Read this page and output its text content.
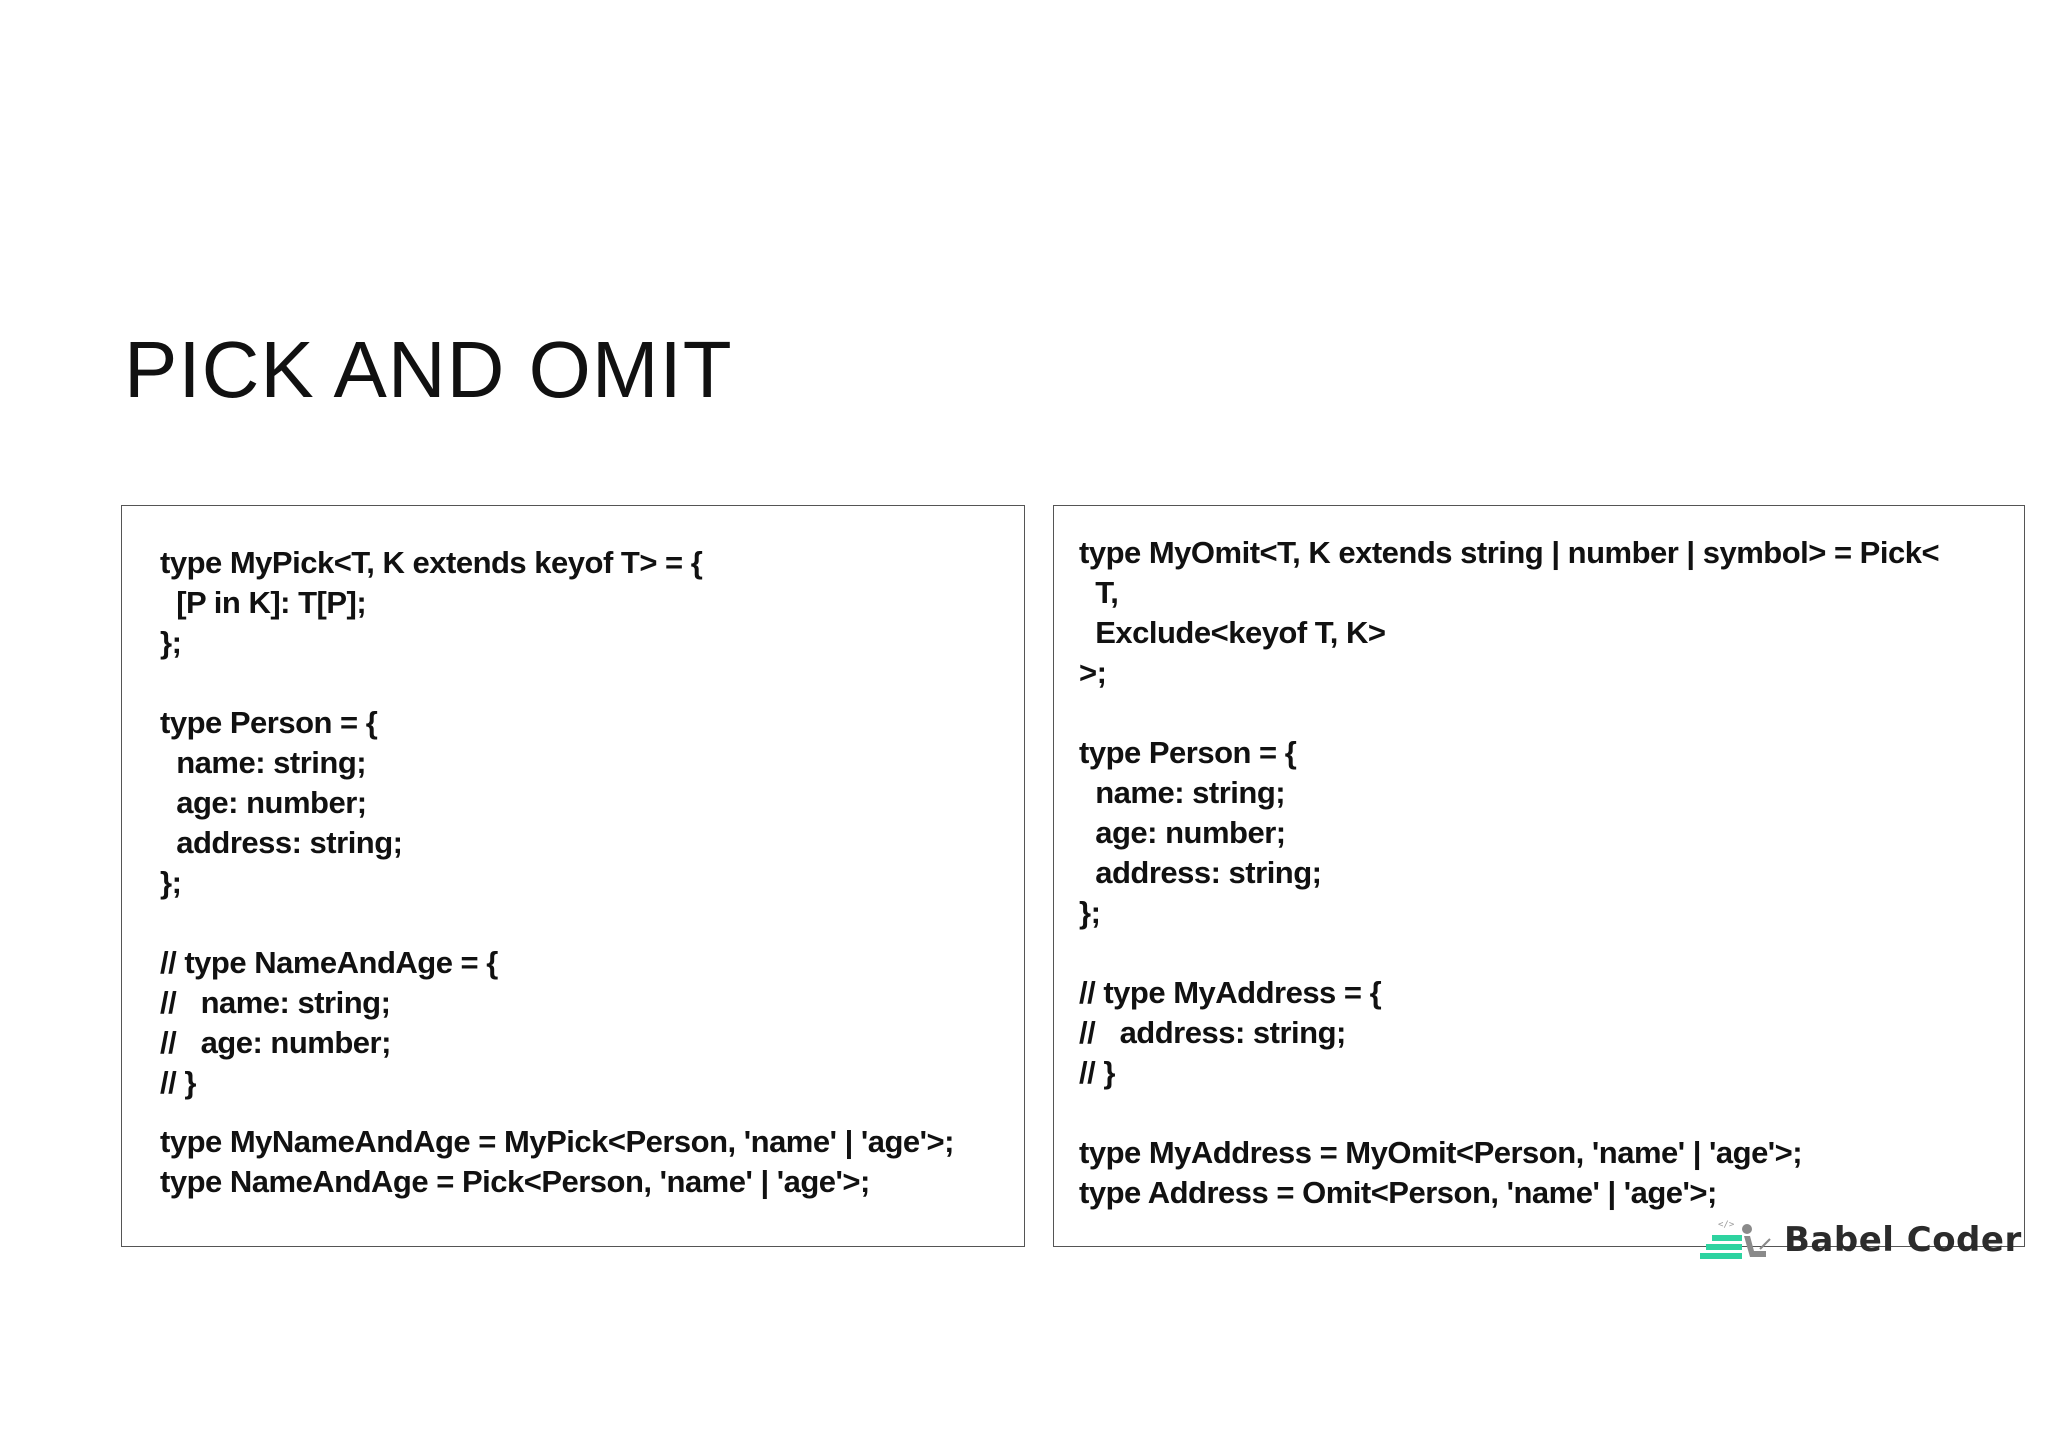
PICK AND OMIT
type MyPick<T, K extends keyof T> = {
[P in K]: T[P];
};
type Person = {
name: string;
age: number;
address: string;
};
// type NameAndAge = {
//   name: string;
//   age: number;
// }
type MyNameAndAge = MyPick<Person, 'name' | 'age'>;
type NameAndAge = Pick<Person, 'name' | 'age'>;
type MyOmit<T, K extends string | number | symbol> = Pick<
T,
Exclude<keyof T, K>
>;
type Person = {
name: string;
age: number;
address: string;
};
// type MyAddress = {
//   address: string;
// }
type MyAddress = MyOmit<Person, 'name' | 'age'>;
type Address = Omit<Person, 'name' | 'age'>;
</> Babel Coder
